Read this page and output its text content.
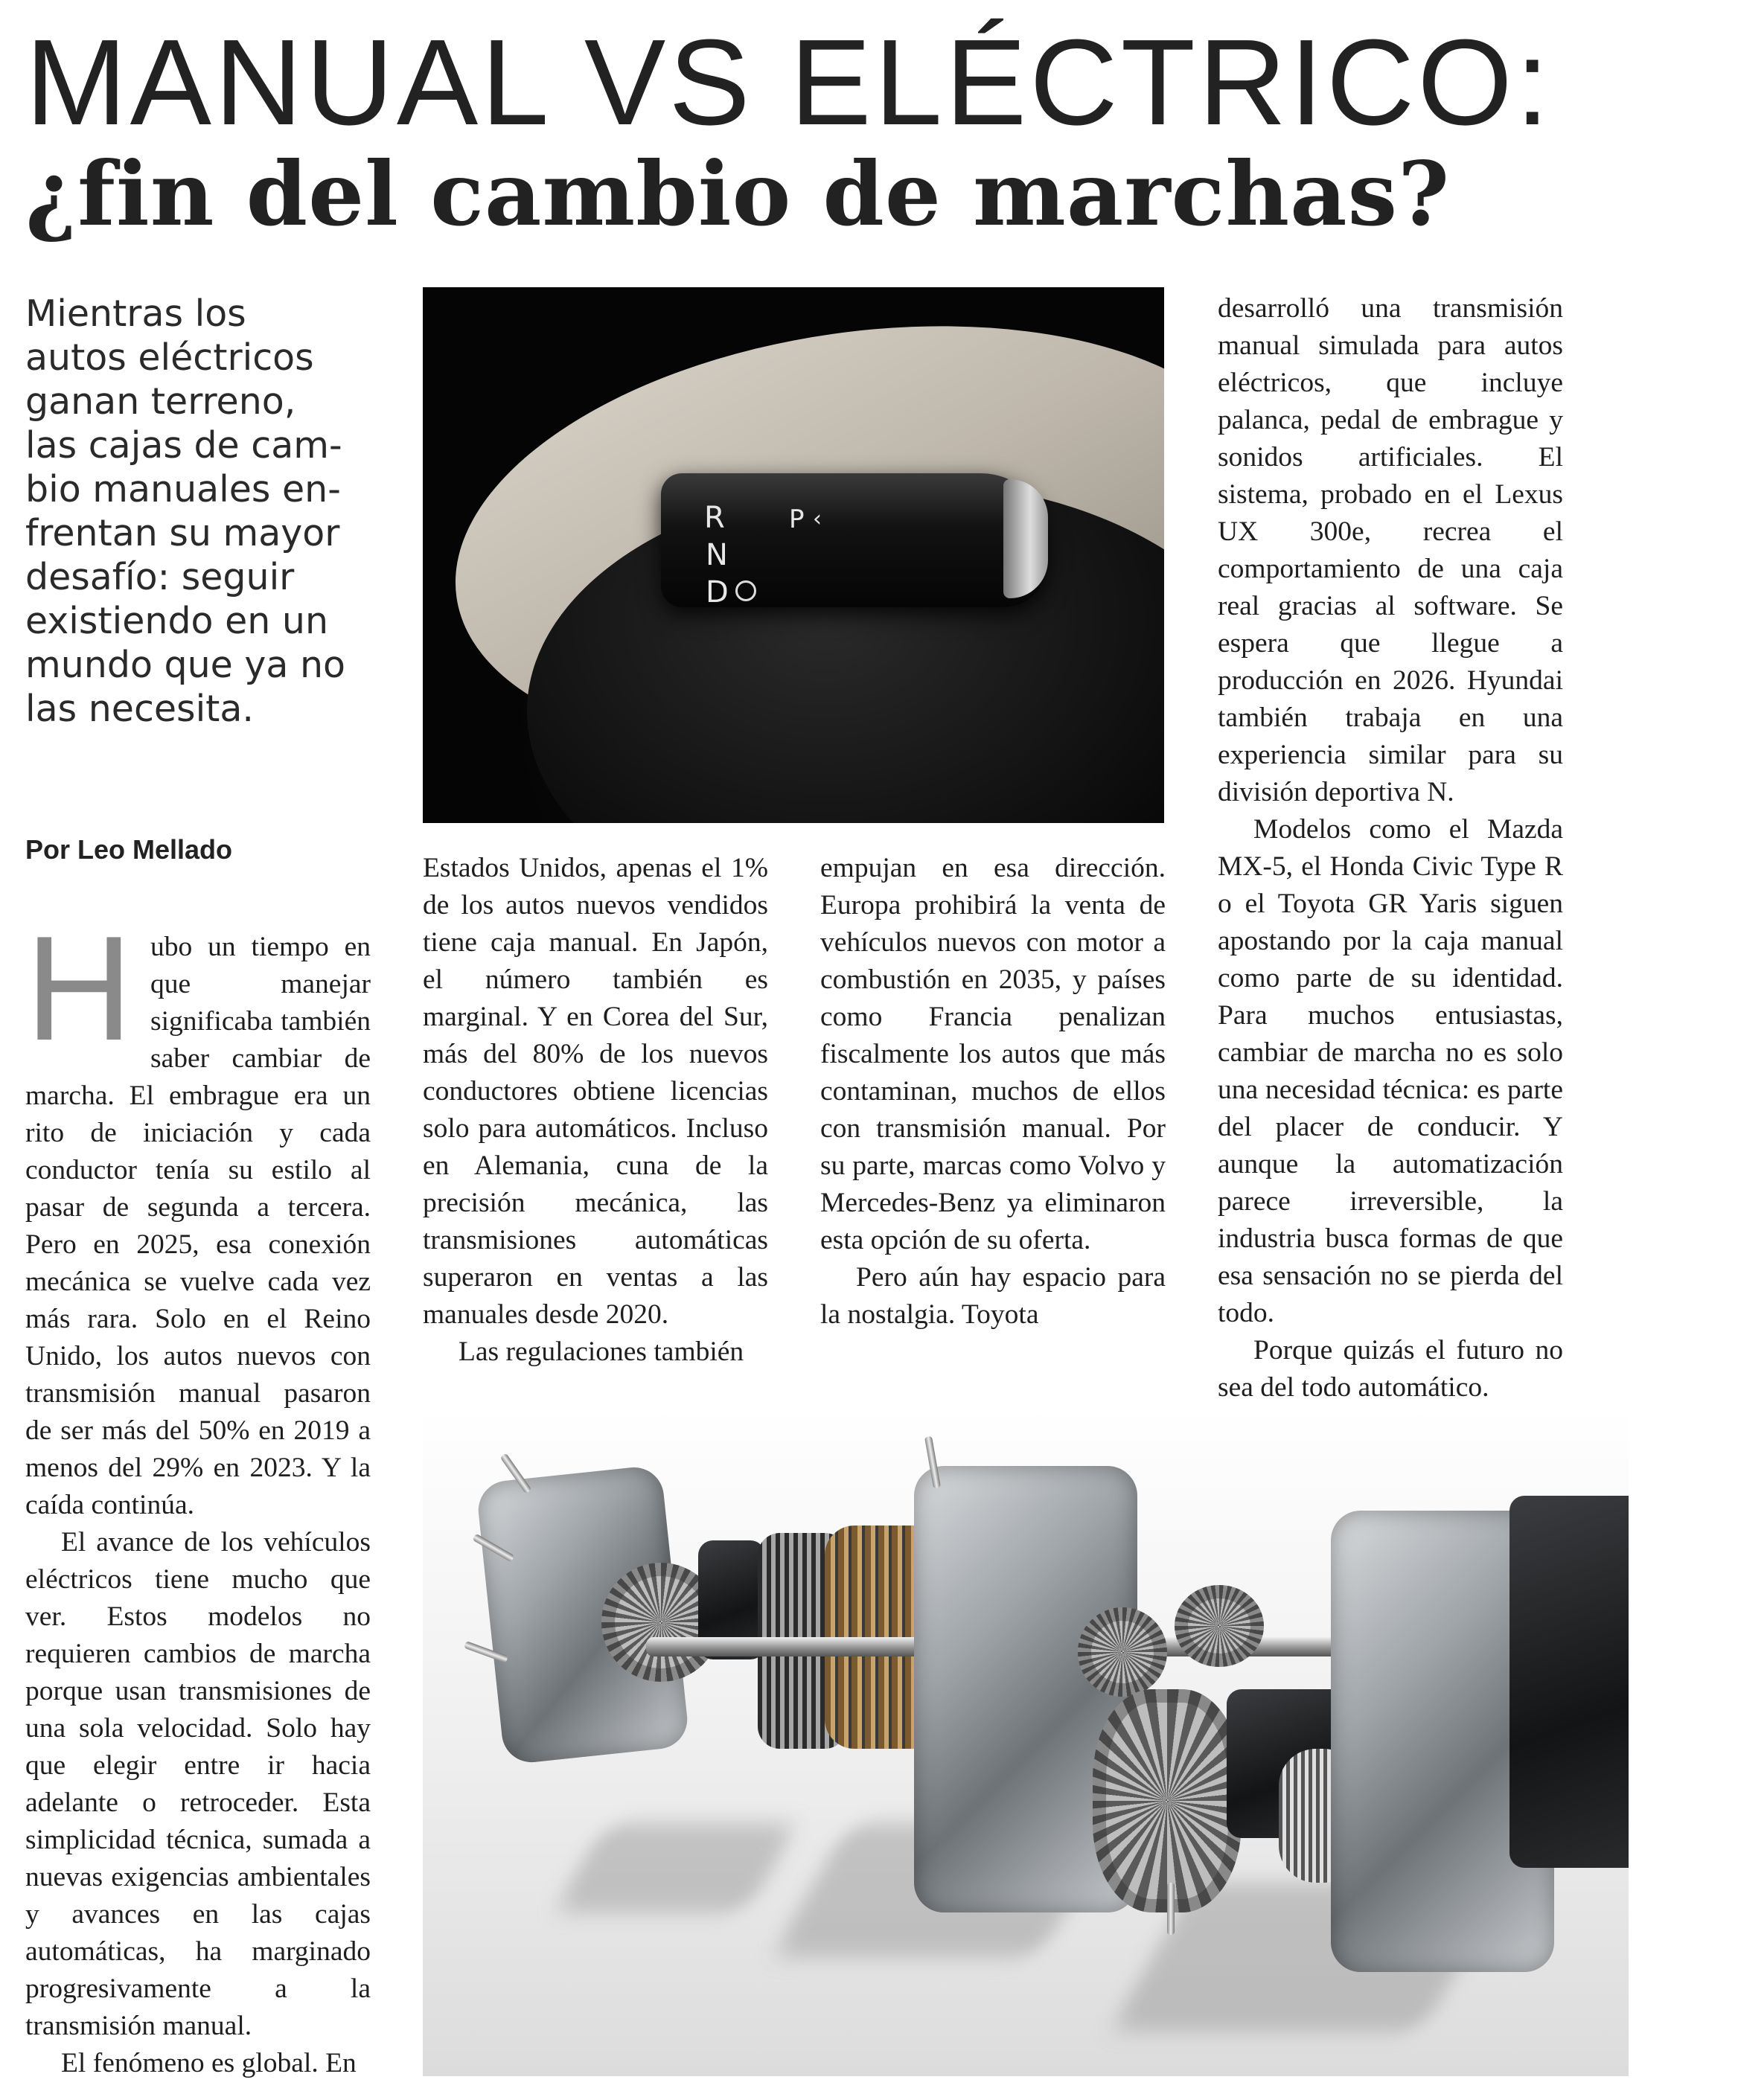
MANUAL VS ELÉCTRICO:
¿fin del cambio de marchas?
Mientras los
autos eléctricos
ganan terreno,
las cajas de cam-
bio manuales en-
frentan su mayor
desafío: seguir
existiendo en un
mundo que ya no
las necesita.
Por Leo Mellado
R
N
D
P ‹

H ubo un tiempo en que manejar significaba también saber cambiar de marcha. El embrague era un rito de iniciación y cada conductor tenía su estilo al pasar de segunda a tercera. Pero en 2025, esa conexión mecánica se vuelve cada vez más rara. Solo en el Reino Unido, los autos nuevos con transmisión manual pasaron de ser más del 50% en 2019 a menos del 29% en 2023. Y la caída continúa.

El avance de los vehículos eléctricos tiene mucho que ver. Estos modelos no requieren cambios de marcha porque usan transmisiones de una sola velocidad. Solo hay que elegir entre ir hacia adelante o retroceder. Esta simplicidad técnica, sumada a nuevas exigencias ambientales y avances en las cajas automáticas, ha marginado progresivamente a la transmisión manual.

El fenómeno es global. En

Estados Unidos, apenas el 1% de los autos nuevos vendidos tiene caja manual. En Japón, el número también es marginal. Y en Corea del Sur, más del 80% de los nuevos conductores obtiene licencias solo para automáticos. Incluso en Alemania, cuna de la precisión mecánica, las transmisiones automáticas superaron en ventas a las manuales desde 2020.

Las regulaciones también

empujan en esa dirección. Europa prohibirá la venta de vehículos nuevos con motor a combustión en 2035, y países como Francia penalizan fiscalmente los autos que más contaminan, muchos de ellos con transmisión manual. Por su parte, marcas como Volvo y Mercedes-Benz ya eliminaron esta opción de su oferta.

Pero aún hay espacio para la nostalgia. Toyota

desarrolló una transmisión manual simulada para autos eléctricos, que incluye palanca, pedal de embrague y sonidos artificiales. El sistema, probado en el Lexus UX 300e, recrea el comportamiento de una caja real gracias al software. Se espera que llegue a producción en 2026. Hyundai también trabaja en una experiencia similar para su división deportiva N.

Modelos como el Mazda MX-5, el Honda Civic Type R o el Toyota GR Yaris siguen apostando por la caja manual como parte de su identidad. Para muchos entusiastas, cambiar de marcha no es solo una necesidad técnica: es parte del placer de conducir. Y aunque la automatización parece irreversible, la industria busca formas de que esa sensación no se pierda del todo.

Porque quizás el futuro no sea del todo automático.
